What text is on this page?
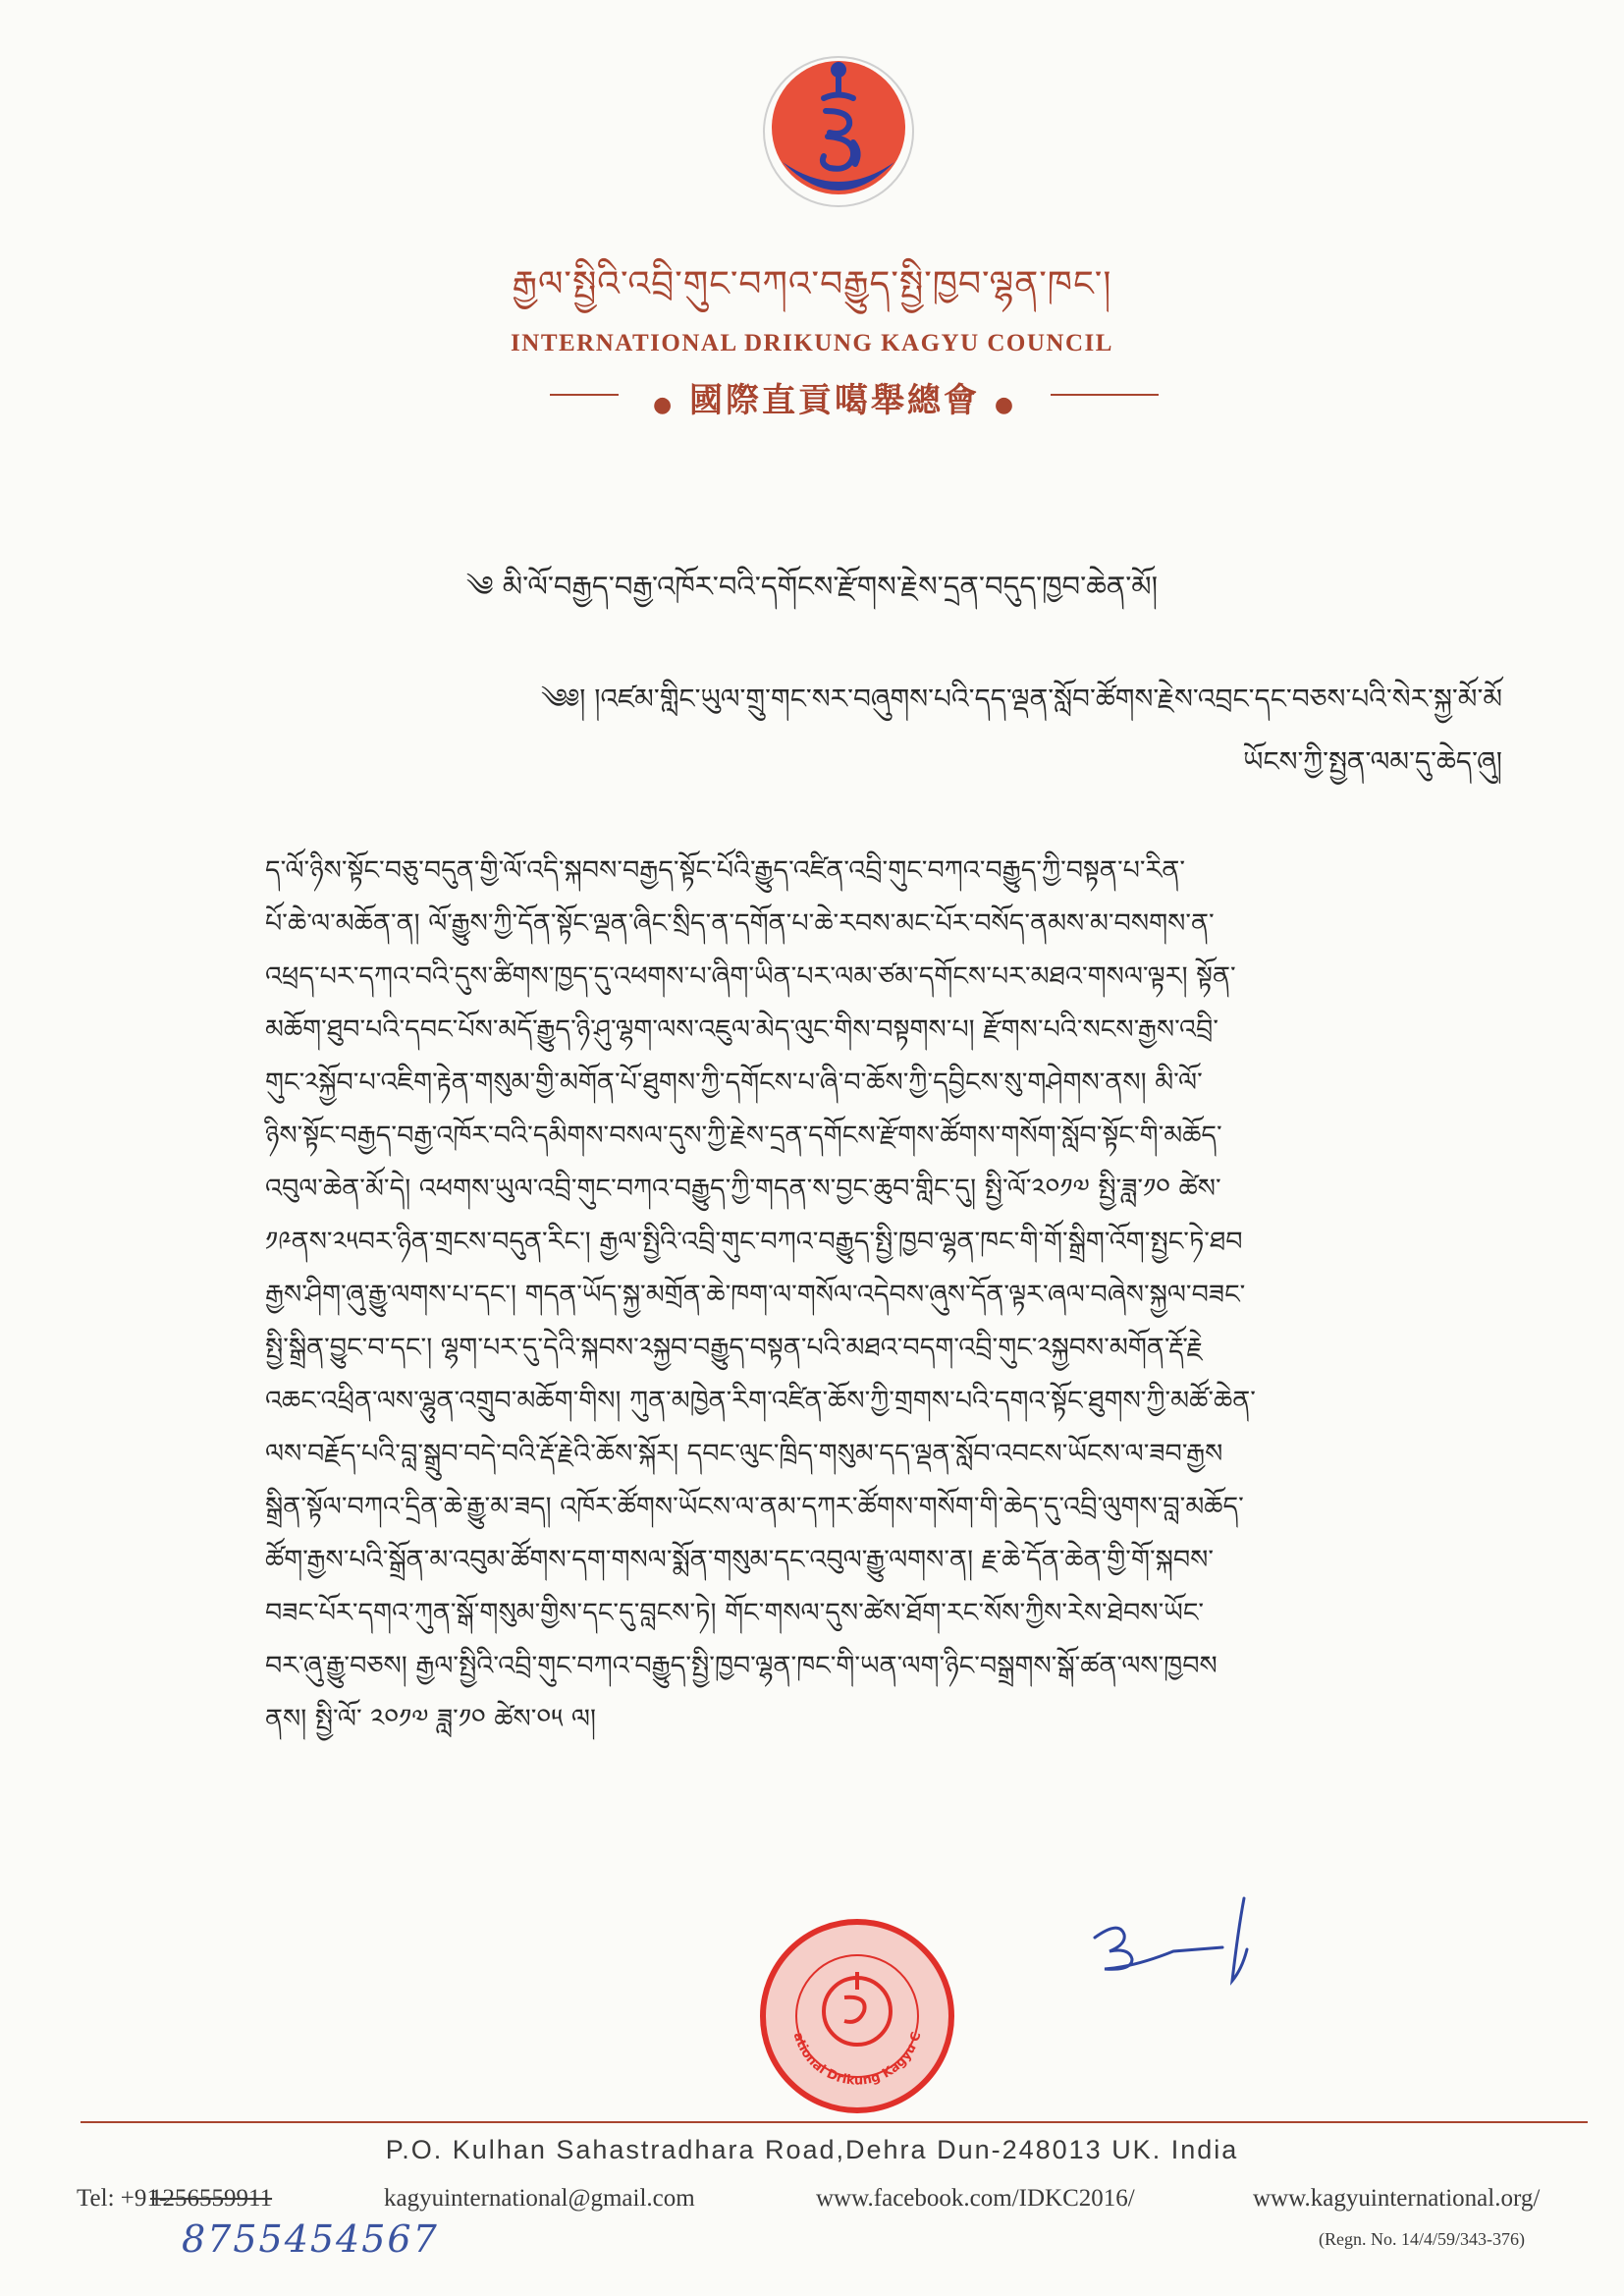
རྒྱལ་སྤྱིའི་འབྲི་གུང་བཀའ་བརྒྱུད་སྤྱི་ཁྱབ་ལྷན་ཁང་།
INTERNATIONAL DRIKUNG KAGYU COUNCIL
● 國際直貢噶舉總會 ●
༄ མི་ལོ་བརྒྱད་བརྒྱ་འཁོར་བའི་དགོངས་རྫོགས་རྗེས་དྲན་བདུད་ཁྱབ་ཆེན་མོ།
༄༅། །འཛམ་གླིང་ཡུལ་གྲུ་གང་སར་བཞུགས་པའི་དད་ལྡན་སློབ་ཚོགས་རྗེས་འབྲང་དང་བཅས་པའི་སེར་སྐྱ་མོ་མོ
ཡོངས་ཀྱི་སྤྱན་ལམ་དུ་ཆེད་ཞུ།

ད་ལོ་ཉིས་སྟོང་བཅུ་བདུན་གྱི་ལོ་འདི་སྐབས་བརྒྱད་སྟོང་པོའི་རྒྱུད་འཛིན་འབྲི་གུང་བཀའ་བརྒྱུད་ཀྱི་བསྟན་པ་རིན་

པོ་ཆེ་ལ་མཆོན་ན། ལོ་རྒྱུས་ཀྱི་དོན་སྟོང་ལྡན་ཞིང་སྲིད་ན་དགོན་པ་ཆེ་རབས་མང་པོར་བསོད་ནམས་མ་བསགས་ན་

འཕྲད་པར་དཀའ་བའི་དུས་ཚིགས་ཁྱད་དུ་འཕགས་པ་ཞིག་ཡིན་པར་ལམ་ཙམ་དགོངས་པར་མཐའ་གསལ་ལྟར། སྟོན་

མཆོག་ཐུབ་པའི་དབང་པོས་མདོ་རྒྱུད་ཉི་ཤུ་ལྷག་ལས་འཇུལ་མེད་ལུང་གིས་བསྟགས་པ། རྫོགས་པའི་སངས་རྒྱས་འབྲི་

གུང་༢སྐྱོབ་པ་འཇིག་རྟེན་གསུམ་གྱི་མགོན་པོ་ཐུགས་ཀྱི་དགོངས་པ་ཞི་བ་ཆོས་ཀྱི་དབྱིངས་སུ་གཤེགས་ནས། མི་ལོ་

ཉིས་སྟོང་བརྒྱད་བརྒྱ་འཁོར་བའི་དམིགས་བསལ་དུས་ཀྱི་རྗེས་དྲན་དགོངས་རྫོགས་ཚོགས་གསོག་སློབ་སྟོང་གི་མཆོད་

འབུལ་ཆེན་མོ་དེ། འཕགས་ཡུལ་འབྲི་གུང་བཀའ་བརྒྱུད་ཀྱི་གདན་ས་བྱང་ཆུབ་གླིང་དུ། སྤྱི་ལོ་༢༠༡༧ སྤྱི་ཟླ་༡༠ ཚེས་

༡༩ནས་༢༥བར་ཉིན་གྲངས་བདུན་རིང་། རྒྱལ་སྤྱིའི་འབྲི་གུང་བཀའ་བརྒྱུད་སྤྱི་ཁྱབ་ལྷན་ཁང་གི་གོ་སྒྲིག་འོག་སྤྱང་ཏེ་ཐབ

རྒྱས་ཤིག་ཞུ་རྒྱུ་ལགས་པ་དང་། གདན་ཡོད་སྐྱ་མགྲོན་ཆེ་ཁག་ལ་གསོལ་འདེབས་ཞུས་དོན་ལྟར་ཞལ་བཞེས་སྐྱལ་བཟང་

སྤྱི་སྒྲིན་བྱུང་བ་དང་། ལྷག་པར་དུ་དེའི་སྐབས་༢སྐྱབ་བརྒྱུད་བསྟན་པའི་མཐའ་བདག་འབྲི་གུང་༢སྐྱབས་མགོན་རྡོ་རྗེ

འཆང་འཕྲིན་ལས་ལྷུན་འགྲུབ་མཆོག་གིས། ཀུན་མཁྱེན་རིག་འཛིན་ཆོས་ཀྱི་གྲགས་པའི་དགའ་སྟོང་ཐུགས་ཀྱི་མཚོ་ཆེན་

ལས་བརྗོད་པའི་བླ་སྒྲུབ་བདེ་བའི་རྡོ་རྗེའི་ཆོས་སྐོར། དབང་ལུང་ཁྲིད་གསུམ་དད་ལྡན་སློབ་འབངས་ཡོངས་ལ་ཟབ་རྒྱས

སྒྲིན་སྟོལ་བཀའ་དྲིན་ཆེ་རྒྱུ་མ་ཟད། འཁོར་ཚོགས་ཡོངས་ལ་ནམ་དཀར་ཚོགས་གསོག་གི་ཆེད་དུ་འབྲི་ལུགས་བླ་མཆོད་

ཚོག་རྒྱས་པའི་སྒྲོན་མ་འབུམ་ཚོགས་དག་གསལ་སྨོན་གསུམ་དང་འབུལ་རྒྱུ་ལགས་ན། རྗ་ཆེ་དོན་ཆེན་གྱི་གོ་སྐབས་

བཟང་པོར་དགའ་ཀུན་སྒོ་གསུམ་གྱིས་དང་དུ་བླངས་ཏེ། གོང་གསལ་དུས་ཚེས་ཐོག་རང་སོས་ཀྱིས་རེས་ཐེབས་ཡོང་

བར་ཞུ་རྒྱུ་བཅས། རྒྱལ་སྤྱིའི་འབྲི་གུང་བཀའ་བརྒྱུད་སྤྱི་ཁྱབ་ལྷན་ཁང་གི་ཡན་ལག་ཉིང་བསྒྲགས་སྒོ་ཚན་ལས་ཁྱབས

ནས། སྤྱི་ལོ་ ༢༠༡༧ ཟླ་༡༠ ཚེས་༠༥ ལ།

ational Drikung Kagyu C
P.O. Kulhan Sahastradhara Road,Dehra Dun-248013 UK. India
Tel: +91-
1256559911	kagyuinternational@gmail.com	www.facebook.com/IDKC2016/	www.kagyuinternational.org/
8755454567	(Regn. No. 14/4/59/343-376)
